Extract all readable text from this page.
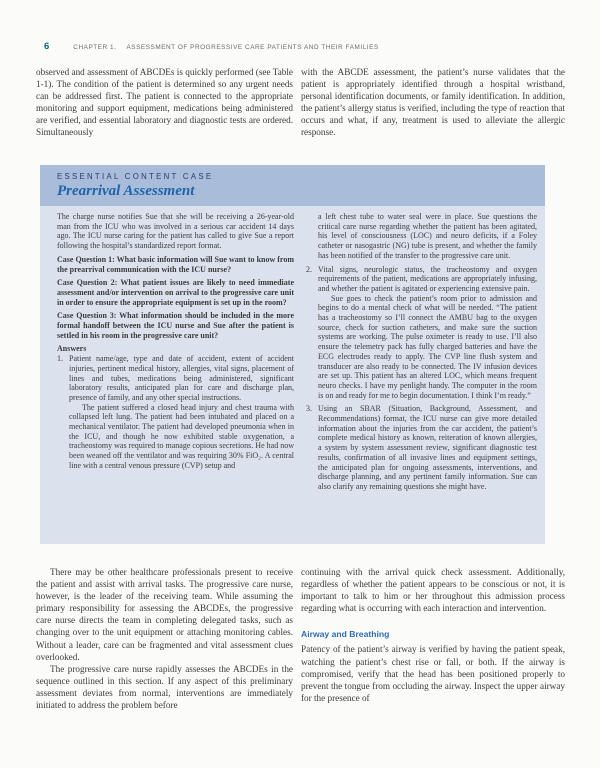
6	CHAPTER 1. ASSESSMENT OF PROGRESSIVE CARE PATIENTS AND THEIR FAMILIES

observed and assessment of ABCDEs is quickly performed (see Table 1-1). The condition of the patient is determined so any urgent needs can be addressed first. The patient is connected to the appropriate monitoring and support equipment, medications being administered are verified, and essential laboratory and diagnostic tests are ordered. Simultaneously

with the ABCDE assessment, the patient’s nurse validates that the patient is appropriately identified through a hospital wristband, personal identification documents, or family identification. In addition, the patient’s allergy status is verified, including the type of reaction that occurs and what, if any, treatment is used to alleviate the allergic response.

ESSENTIAL CONTENT CASE
Prearrival Assessment

The charge nurse notifies Sue that she will be receiving a 26-year-old man from the ICU who was involved in a serious car accident 14 days ago. The ICU nurse caring for the patient has called to give Sue a report following the hospital’s standardized report format.

Case Question 1: What basic information will Sue want to know from the prearrival communication with the ICU nurse?

Case Question 2: What patient issues are likely to need immediate assessment and/or intervention on arrival to the progressive care unit in order to ensure the appropriate equipment is set up in the room?

Case Question 3: What information should be included in the more formal handoff between the ICU nurse and Sue after the patient is settled in his room in the progressive care unit?

Answers

1. Patient name/age, type and date of accident, extent of accident injuries, pertinent medical history, allergies, vital signs, placement of lines and tubes, medications being administered, significant laboratory results, anticipated plan for care and discharge plan, presence of family, and any other special instructions.

The patient suffered a closed head injury and chest trauma with collapsed left lung. The patient had been intubated and placed on a mechanical ventilator. The patient had developed pneumonia when in the ICU, and though he now exhibited stable oxygenation, a tracheostomy was required to manage copious secretions. He had now been weaned off the ventilator and was requiring 30% FiO₂. A central line with a central venous pressure (CVP) setup and

a left chest tube to water seal were in place. Sue questions the critical care nurse regarding whether the patient has been agitated, his level of consciousness (LOC) and neuro deficits, if a Foley catheter or nasogastric (NG) tube is present, and whether the family has been notified of the transfer to the progressive care unit.

2. Vital signs, neurologic status, the tracheostomy and oxygen requirements of the patient, medications are appropriately infusing, and whether the patient is agitated or experiencing extensive pain.

Sue goes to check the patient’s room prior to admission and begins to do a mental check of what will be needed. “The patient has a tracheostomy so I’ll connect the AMBU bag to the oxygen source, check for suction catheters, and make sure the suction systems are working. The pulse oximeter is ready to use. I’ll also ensure the telemetry pack has fully charged batteries and have the ECG electrodes ready to apply. The CVP line flush system and transducer are also ready to be connected. The IV infusion devices are set up. This patient has an altered LOC, which means frequent neuro checks. I have my penlight handy. The computer in the room is on and ready for me to begin documentation. I think I’m ready.”

3. Using an SBAR (Situation, Background, Assessment, and Recommendations) format, the ICU nurse can give more detailed information about the injuries from the car accident, the patient’s complete medical history as known, reiteration of known allergies, a system by system assessment review, significant diagnostic test results, confirmation of all invasive lines and equipment settings, the anticipated plan for ongoing assessments, interventions, and discharge planning, and any pertinent family information. Sue can also clarify any remaining questions she might have.

There may be other healthcare professionals present to receive the patient and assist with arrival tasks. The progressive care nurse, however, is the leader of the receiving team. While assuming the primary responsibility for assessing the ABCDEs, the progressive care nurse directs the team in completing delegated tasks, such as changing over to the unit equipment or attaching monitoring cables. Without a leader, care can be fragmented and vital assessment clues overlooked.

The progressive care nurse rapidly assesses the ABCDEs in the sequence outlined in this section. If any aspect of this preliminary assessment deviates from normal, interventions are immediately initiated to address the problem before

continuing with the arrival quick check assessment. Additionally, regardless of whether the patient appears to be conscious or not, it is important to talk to him or her throughout this admission process regarding what is occurring with each interaction and intervention.

Airway and Breathing

Patency of the patient’s airway is verified by having the patient speak, watching the patient’s chest rise or fall, or both. If the airway is compromised, verify that the head has been positioned properly to prevent the tongue from occluding the airway. Inspect the upper airway for the presence of
